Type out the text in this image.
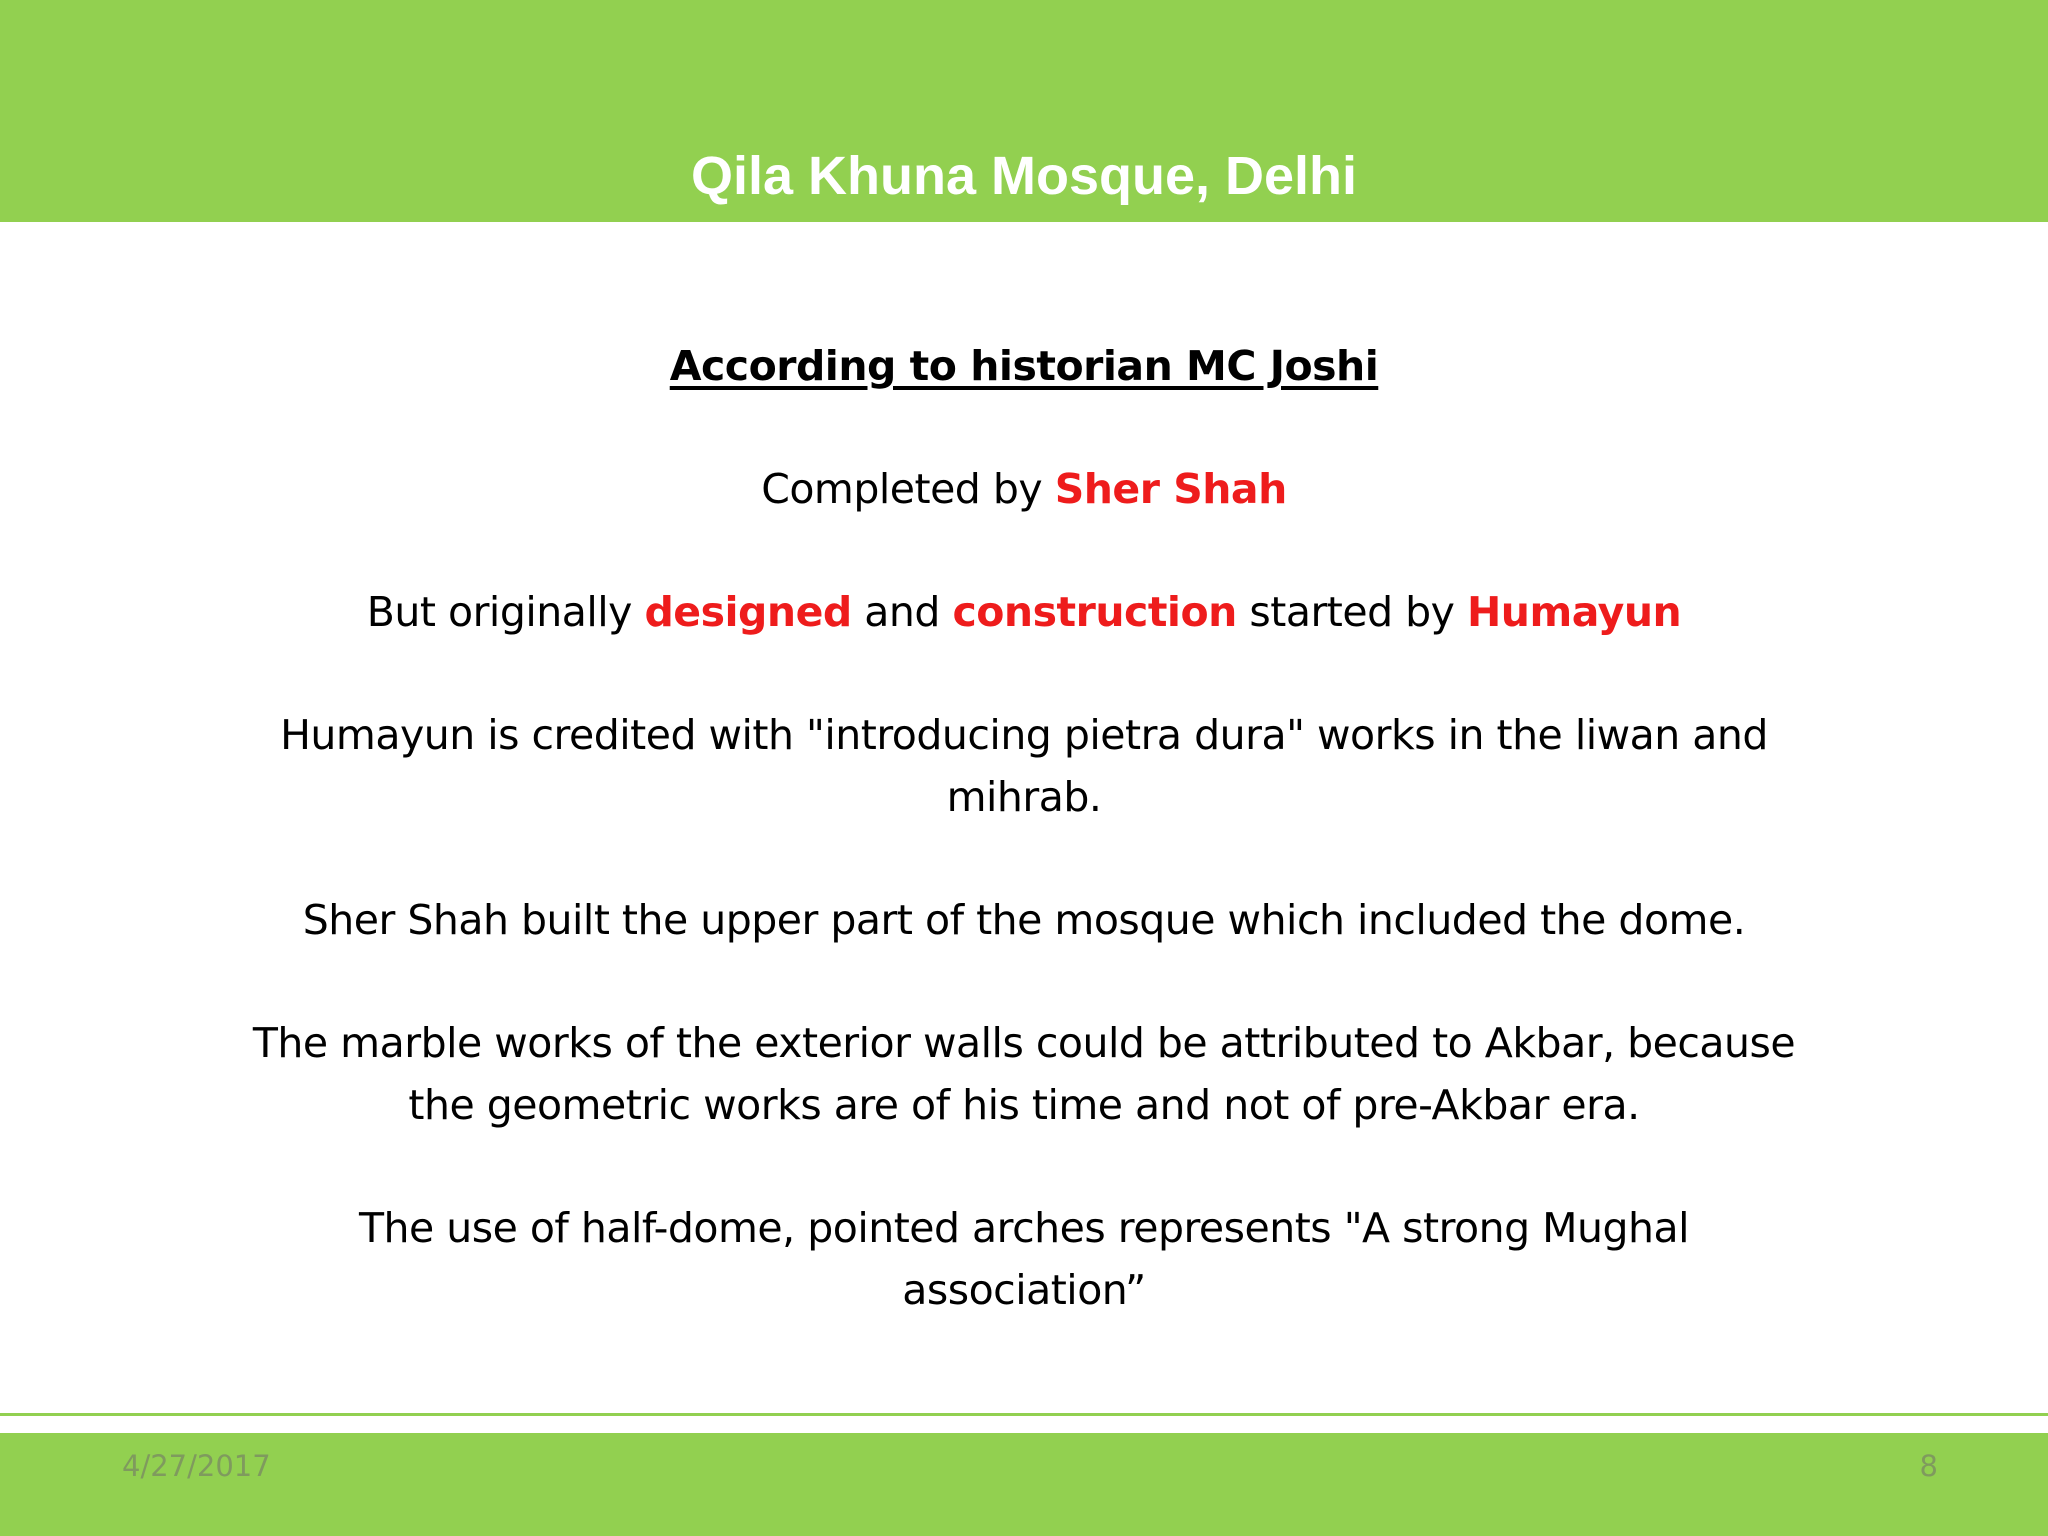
Qila Khuna Mosque, Delhi
According to historian MC Joshi
Completed by Sher Shah
But originally designed and construction started by Humayun
Humayun is credited with "introducing pietra dura" works in the liwan and
mihrab.
Sher Shah built the upper part of the mosque which included the dome.
The marble works of the exterior walls could be attributed to Akbar, because
the geometric works are of his time and not of pre-Akbar era.
The use of half-dome, pointed arches represents "A strong Mughal
association”
4/27/2017	8
